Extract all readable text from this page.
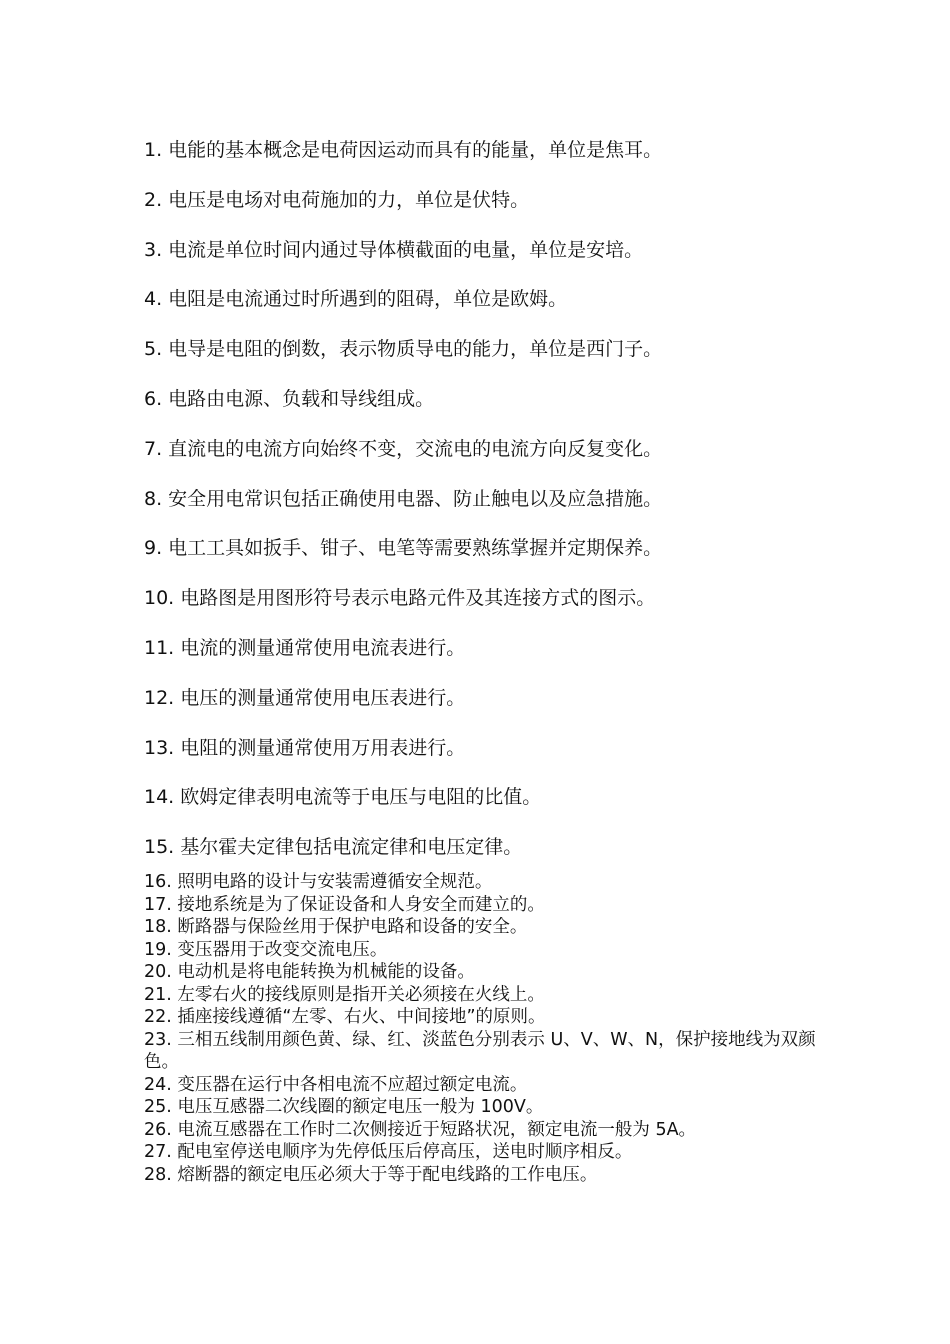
1. 电能的基本概念是电荷因运动而具有的能量，单位是焦耳。
2. 电压是电场对电荷施加的力，单位是伏特。
3. 电流是单位时间内通过导体横截面的电量，单位是安培。
4. 电阻是电流通过时所遇到的阻碍，单位是欧姆。
5. 电导是电阻的倒数，表示物质导电的能力，单位是西门子。
6. 电路由电源、负载和导线组成。
7. 直流电的电流方向始终不变，交流电的电流方向反复变化。
8. 安全用电常识包括正确使用电器、防止触电以及应急措施。
9. 电工工具如扳手、钳子、电笔等需要熟练掌握并定期保养。
10. 电路图是用图形符号表示电路元件及其连接方式的图示。
11. 电流的测量通常使用电流表进行。
12. 电压的测量通常使用电压表进行。
13. 电阻的测量通常使用万用表进行。
14. 欧姆定律表明电流等于电压与电阻的比值。
15. 基尔霍夫定律包括电流定律和电压定律。
16. 照明电路的设计与安装需遵循安全规范。
17. 接地系统是为了保证设备和人身安全而建立的。
18. 断路器与保险丝用于保护电路和设备的安全。
19. 变压器用于改变交流电压。
20. 电动机是将电能转换为机械能的设备。
21. 左零右火的接线原则是指开关必须接在火线上。
22. 插座接线遵循“左零、右火、中间接地”的原则。
23. 三相五线制用颜色黄、绿、红、淡蓝色分别表示 U、V、W、N，保护接地线为双颜色。
24. 变压器在运行中各相电流不应超过额定电流。
25. 电压互感器二次线圈的额定电压一般为 100V。
26. 电流互感器在工作时二次侧接近于短路状况，额定电流一般为 5A。
27. 配电室停送电顺序为先停低压后停高压，送电时顺序相反。
28. 熔断器的额定电压必须大于等于配电线路的工作电压。
